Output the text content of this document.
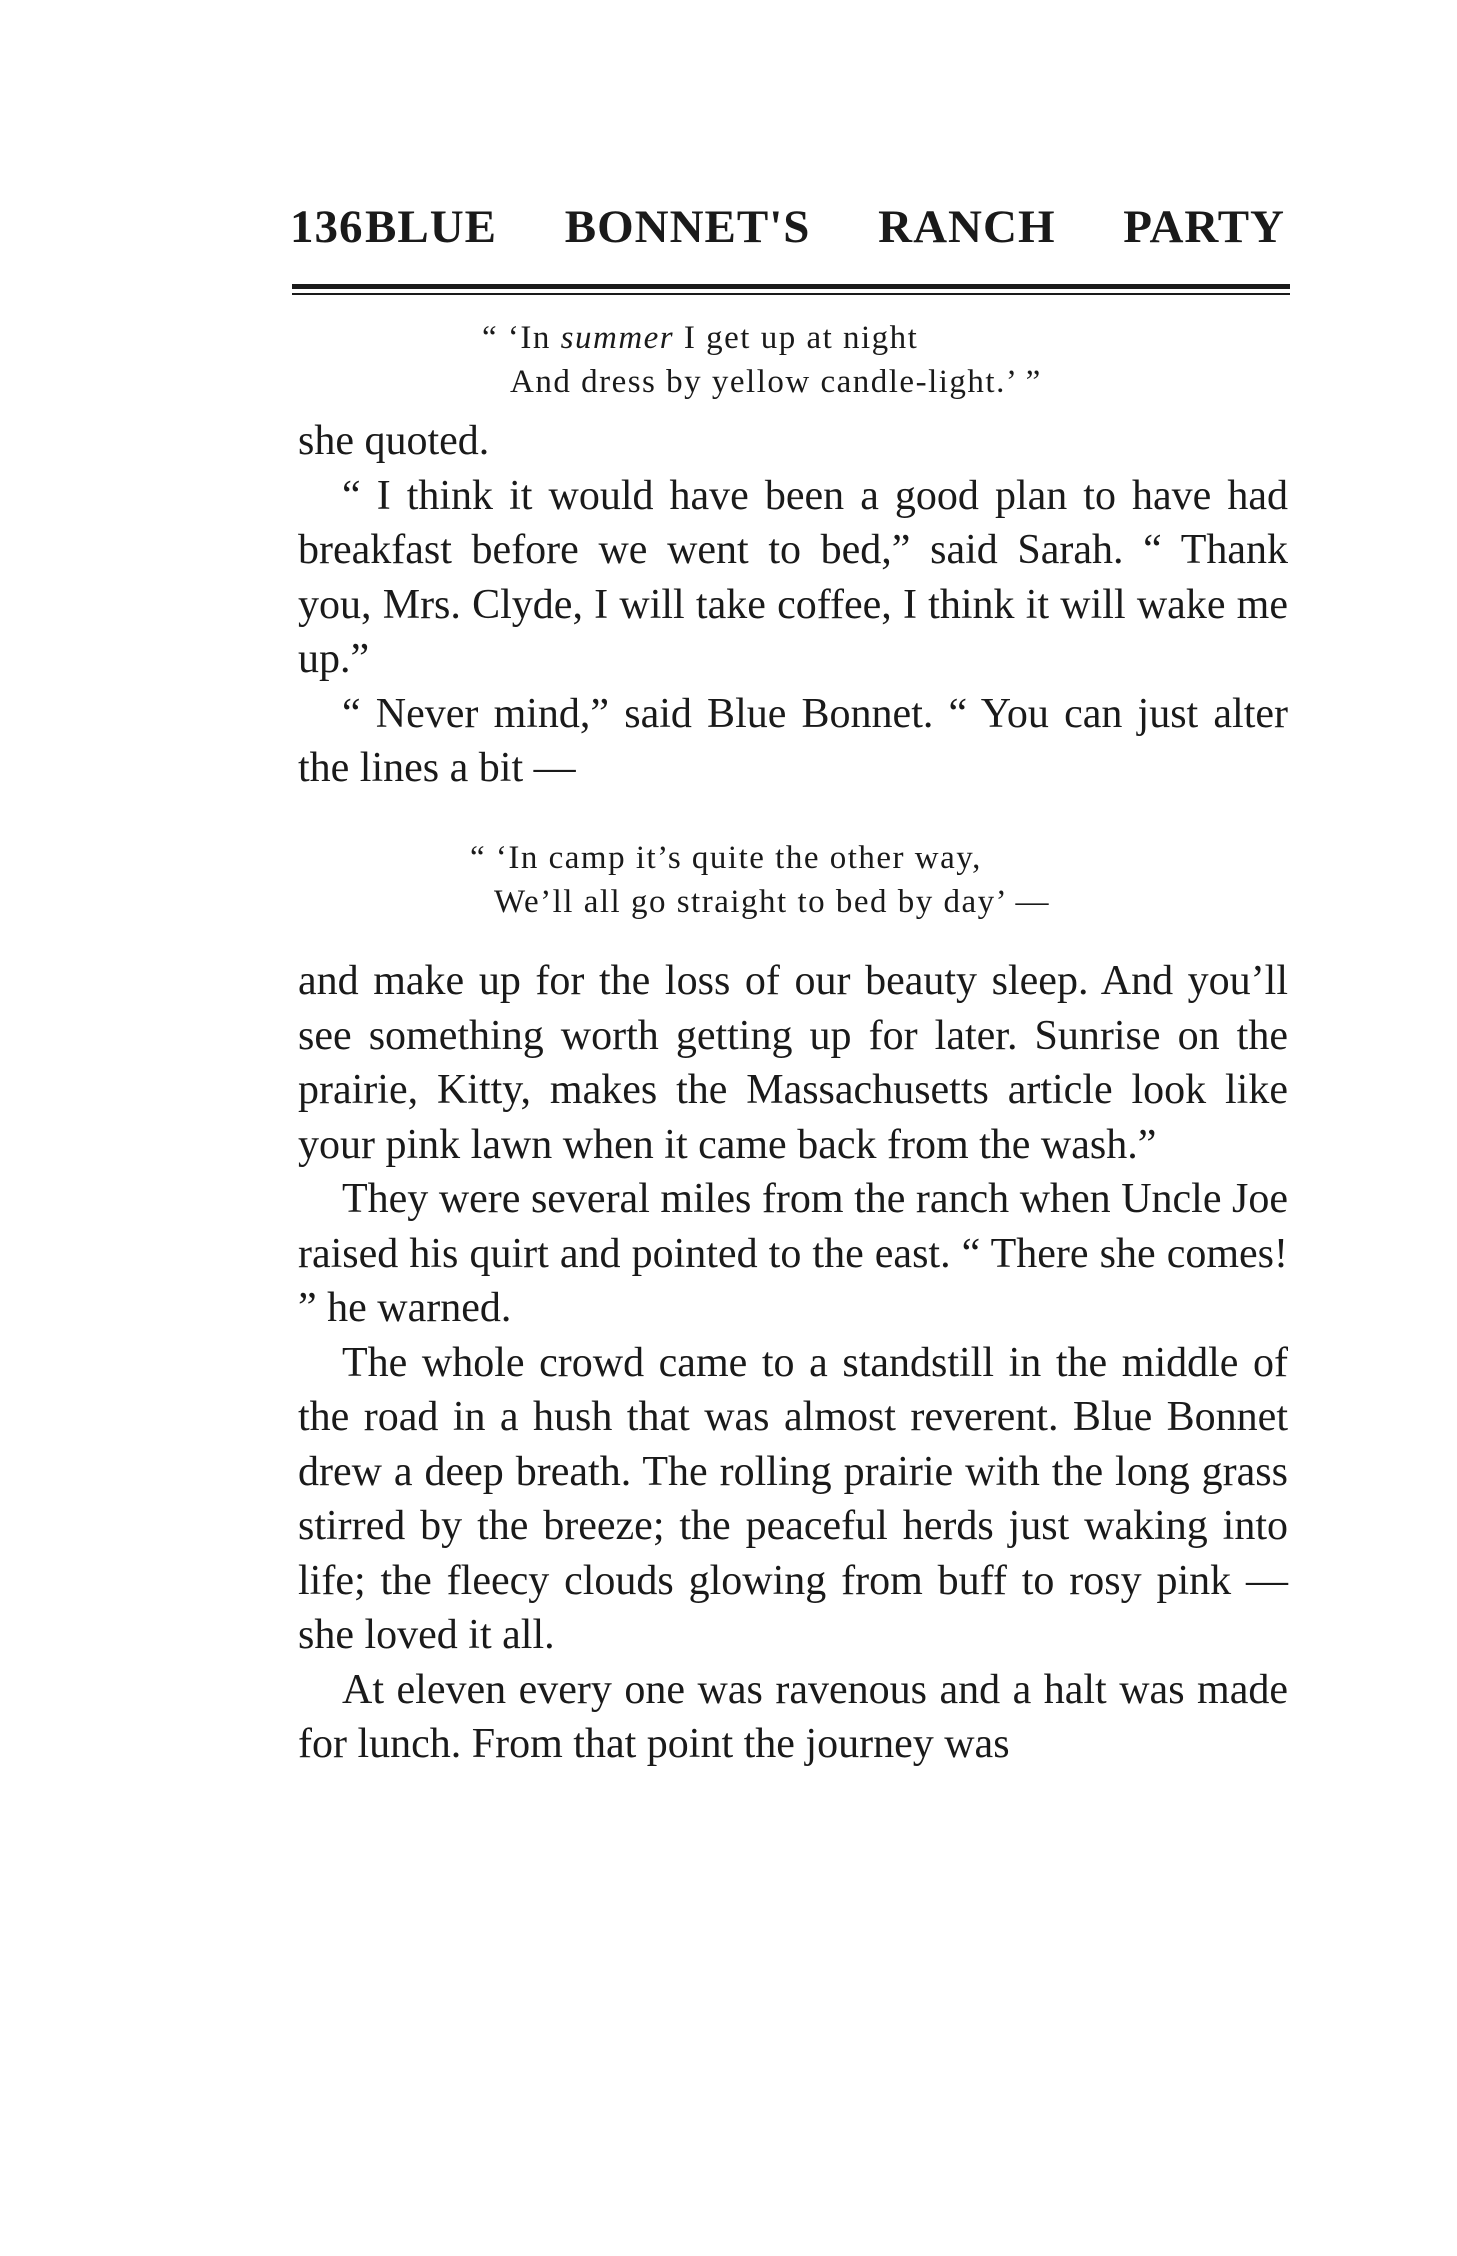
136 BLUE BONNET'S RANCH PARTY
“ ‘In summer I get up at night
And dress by yellow candle-light.’ ”

she quoted.

“ I think it would have been a good plan to have had breakfast before we went to bed,” said Sarah. “ Thank you, Mrs. Clyde, I will take coffee, I think it will wake me up.”

“ Never mind,” said Blue Bonnet. “ You can just alter the lines a bit —

“ ‘In camp it’s quite the other way,
We’ll all go straight to bed by day’ —

and make up for the loss of our beauty sleep. And you’ll see something worth getting up for later. Sunrise on the prairie, Kitty, makes the Massachusetts article look like your pink lawn when it came back from the wash.”

They were several miles from the ranch when Uncle Joe raised his quirt and pointed to the east. “ There she comes! ” he warned.

The whole crowd came to a standstill in the middle of the road in a hush that was almost reverent. Blue Bonnet drew a deep breath. The rolling prairie with the long grass stirred by the breeze; the peaceful herds just waking into life; the fleecy clouds glowing from buff to rosy pink — she loved it all.

At eleven every one was ravenous and a halt was made for lunch. From that point the journey was
